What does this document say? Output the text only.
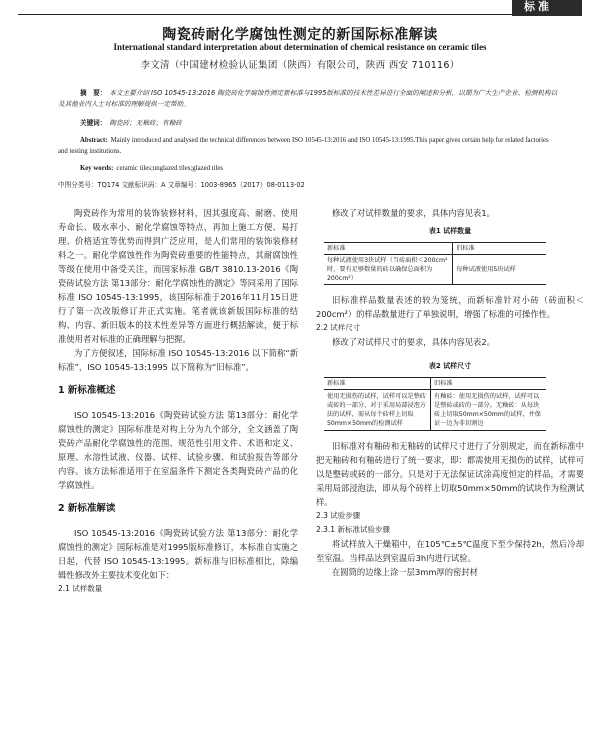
标准
陶瓷砖耐化学腐蚀性测定的新国际标准解读
International standard interpretation about determination of chemical resistance on ceramic tiles
李文清（中国建材检验认证集团（陕西）有限公司，陕西 西安 710116）
摘　要： 本文主要介绍 ISO 10545-13:2016 陶瓷砖化学腐蚀性测定新标准与1995版标准的技术性差异进行全面的阐述和分析，以期为广大生产企业、检测机构以及其他业内人士对标准的理解提供一定帮助。
关键词： 陶瓷砖；无釉砖；有釉砖
Abstract: Mainly introduced and analysed the technical differences between ISO 10545-13:2016 and ISO 10545-13:1995.This paper gives certain help for related factories and testing institutions.
Key words: ceramic tiles;unglazed tiles;glazed tiles
中图分类号：TQ174 文献标识码：A 文章编号：1003-8965（2017）08-0113-02

陶瓷砖作为常用的装饰装修材料，因其强度高、耐磨、使用寿命长、吸水率小、耐化学腐蚀等特点，再加上施工方便、易打理、价格适宜等优势而得到广泛应用，是人们常用的装饰装修材料之一。耐化学腐蚀性作为陶瓷砖重要的性能特点，其耐腐蚀性等级在使用中备受关注，而国家标准 GB/T 3810.13-2016《陶瓷砖试验方法 第13部分：耐化学腐蚀性的测定》等同采用了国际标准 ISO 10545-13:1995，该国际标准于2016年11月15日进行了第一次改版修订并正式实施。笔者就该新版国际标准的结构、内容、新旧版本的技术性差异等方面进行概括解读，便于标准使用者对标准的正确理解与把握。

为了方便叙述，国际标准 ISO 10545-13:2016 以下简称“新标准”，ISO 10545-13:1995 以下简称为“旧标准”。

1 新标准概述

ISO 10545-13:2016《陶瓷砖试验方法 第13部分：耐化学腐蚀性的测定》国际标准是对构上分为九个部分，全文涵盖了陶瓷砖产品耐化学腐蚀性的范围、规范性引用文件、术语和定义、原理、水溶性试液、仪器、试样、试验步骤、和试验报告等部分内容。该方法标准适用于在室温条件下测定各类陶瓷砖产品的化学腐蚀性。

2 新标准解读

ISO 10545-13:2016《陶瓷砖试验方法 第13部分：耐化学腐蚀性的测定》国际标准是对1995版标准修订，本标准自实施之日起，代替 ISO 10545-13:1995。新标准与旧标准相比，除编辑性修改外主要技术变化如下：

2.1 试样数量

修改了对试样数量的要求，具体内容见表1。

表1 试样数量
新标准	旧标准
每种试液使用3块试样（当砖面积＜200cm²时，要有足够数量的砖以确保总面积为200cm²）	每种试液使用5块试样

旧标准样品数量表述的较为笼统，而新标准针对小砖（砖面积＜200cm²）的样品数量进行了单独说明，增强了标准的可操作性。

2.2 试样尺寸

修改了对试样尺寸的要求，具体内容见表2。

表2 试样尺寸
新标准	旧标准
使用无损伤的试样，试样可以是整砖或砖的一部分，对于采用局部浸泡方法的试样，需从每个砖样上切取50mm×50mm的检测试样	有釉砖：使用无损伤的试样，试样可以是整砖或砖的一部分。无釉砖：从每块砖上切取50mm×50mm的试样，并保证一边为非切割边

旧标准对有釉砖和无釉砖的试样尺寸进行了分别规定，而在新标准中把无釉砖和有釉砖进行了统一要求，即：都需使用无损伤的试样，试样可以是整砖或砖的一部分。只是对于无法保证试涂高度恒定的样品，才需要采用局部浸泡法，即从每个砖样上切取50mm×50mm的试块作为检测试样。

2.3 试验步骤

2.3.1 新标准试验步骤

将试样放入干燥箱中，在105℃±5℃温度下至少保持2h，然后冷却至室温。当样品达到室温后3h内进行试验。

在圆筒的边缘上涂一层3mm厚的密封材
